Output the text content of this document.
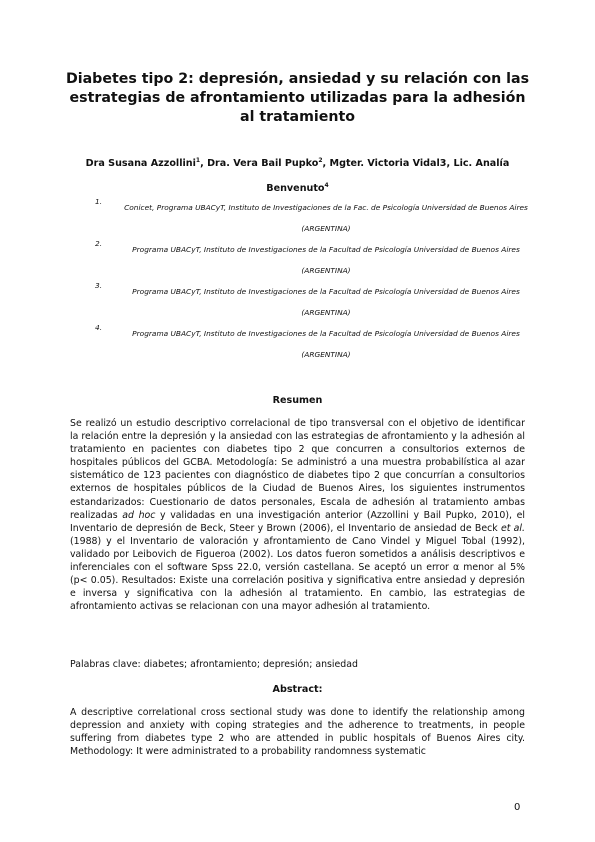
Diabetes tipo 2: depresión, ansiedad y su relación con las estrategias de afrontamiento utilizadas para la adhesión al tratamiento
Dra Susana Azzollini$^1$, Dra. Vera Bail Pupko$^2$, Mgter. Victoria Vidal3, Lic. Analía Benvenuto$^4$
1.
Conicet, Programa UBACyT, Instituto de Investigaciones de la Fac. de Psicología Universidad de Buenos Aires (ARGENTINA)
2.
Programa UBACyT, Instituto de Investigaciones de la Facultad de Psicología Universidad de Buenos Aires (ARGENTINA)
3.
Programa UBACyT, Instituto de Investigaciones de la Facultad de Psicología Universidad de Buenos Aires (ARGENTINA)
4.
Programa UBACyT, Instituto de Investigaciones de la Facultad de Psicología Universidad de Buenos Aires (ARGENTINA)
Resumen
Se realizó un estudio descriptivo correlacional de tipo transversal con el objetivo de identificar la relación entre la depresión y la ansiedad con las estrategias de afrontamiento y la adhesión al tratamiento en pacientes con diabetes tipo 2 que concurren a consultorios externos de hospitales públicos del GCBA. Metodología: Se administró a una muestra probabilística al azar sistemático de 123 pacientes con diagnóstico de diabetes tipo 2 que concurrían a consultorios externos de hospitales públicos de la Ciudad de Buenos Aires, los siguientes instrumentos estandarizados: Cuestionario de datos personales, Escala de adhesión al tratamiento ambas realizadas ad hoc y validadas en una investigación anterior (Azzollini y Bail Pupko, 2010), el Inventario de depresión de Beck, Steer y Brown (2006), el Inventario de ansiedad de Beck et al. (1988) y el Inventario de valoración y afrontamiento de Cano Vindel y Miguel Tobal (1992), validado por Leibovich de Figueroa (2002). Los datos fueron sometidos a análisis descriptivos e inferenciales con el software Spss 22.0, versión castellana. Se aceptó un error α menor al 5% (p< 0.05). Resultados: Existe una correlación positiva y significativa entre ansiedad y depresión e inversa y significativa con la adhesión al tratamiento. En cambio, las estrategias de afrontamiento activas se relacionan con una mayor adhesión al tratamiento.
Palabras clave: diabetes; afrontamiento; depresión; ansiedad
Abstract:
A descriptive correlational cross sectional study was done to identify the relationship among depression and anxiety with coping strategies and the adherence to treatments, in people suffering from diabetes type 2 who are attended in public hospitals of Buenos Aires city. Methodology: It were administrated to a probability randomness systematic
0
